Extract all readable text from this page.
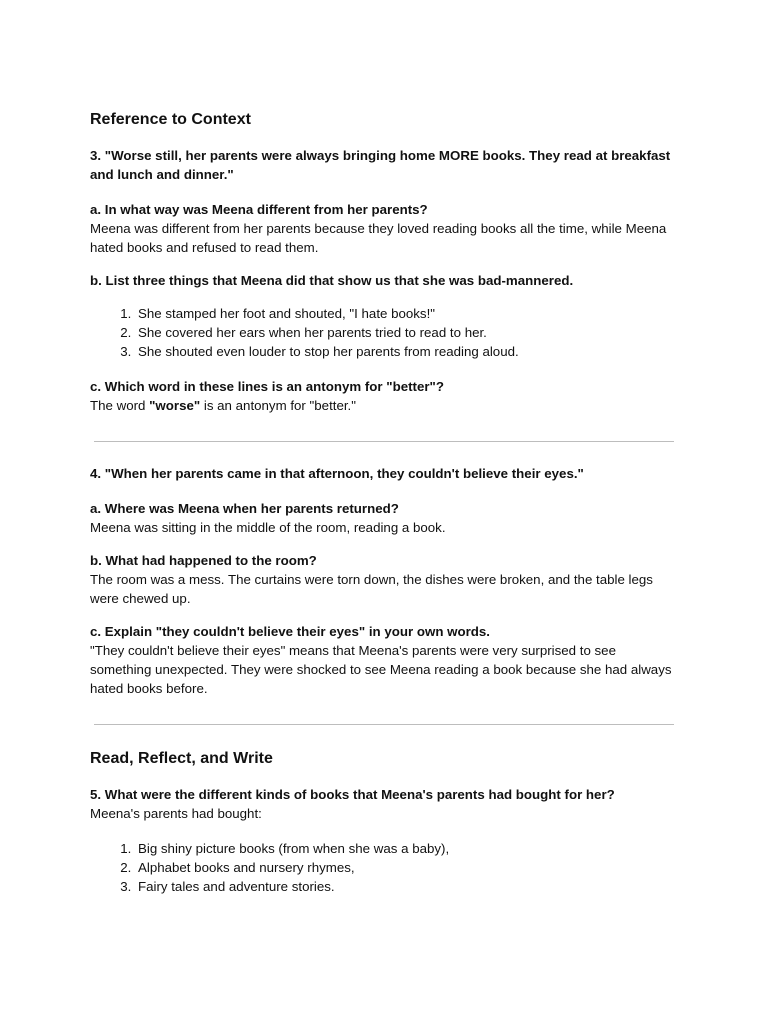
Reference to Context

3. "Worse still, her parents were always bringing home MORE books. They read at breakfast and lunch and dinner."

a. In what way was Meena different from her parents?

Meena was different from her parents because they loved reading books all the time, while Meena hated books and refused to read them.

b. List three things that Meena did that show us that she was bad-mannered.

1. She stamped her foot and shouted, "I hate books!"
2. She covered her ears when her parents tried to read to her.
3. She shouted even louder to stop her parents from reading aloud.

c. Which word in these lines is an antonym for "better"?

The word "worse" is an antonym for "better."

4. "When her parents came in that afternoon, they couldn't believe their eyes."

a. Where was Meena when her parents returned?

Meena was sitting in the middle of the room, reading a book.

b. What had happened to the room?

The room was a mess. The curtains were torn down, the dishes were broken, and the table legs were chewed up.

c. Explain "they couldn't believe their eyes" in your own words.

"They couldn't believe their eyes" means that Meena's parents were very surprised to see something unexpected. They were shocked to see Meena reading a book because she had always hated books before.

Read, Reflect, and Write

5. What were the different kinds of books that Meena's parents had bought for her?

Meena's parents had bought:

1. Big shiny picture books (from when she was a baby),
2. Alphabet books and nursery rhymes,
3. Fairy tales and adventure stories.
